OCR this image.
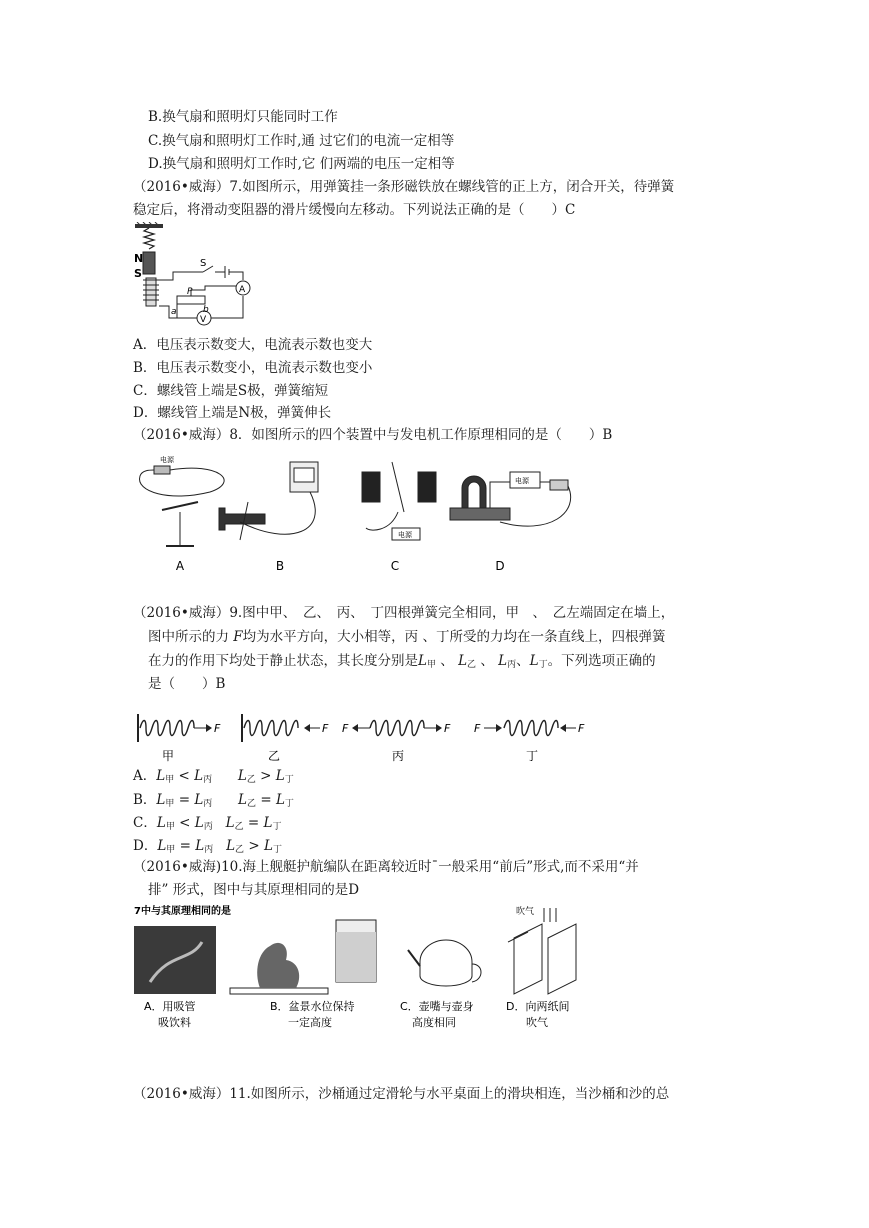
B.换气扇和照明灯只能同时工作
C.换气扇和照明灯工作时,通 过它们的电流一定相等
D.换气扇和照明灯工作时,它 们两端的电压一定相等
（2016•威海）7.如图所示，用弹簧挂一条形磁铁放在螺线管的正上方，闭合开关，待弹簧
稳定后，将滑动变阻器的滑片缓慢向左移动。下列说法正确的是（　　）C
N
S
A
V
S
P
a	b
A．电压表示数变大，电流表示数也变大
B．电压表示数变小，电流表示数也变小
C．螺线管上端是S极，弹簧缩短
D．螺线管上端是N极，弹簧伸长
（2016•威海）8．如图所示的四个装置中与发电机工作原理相同的是（　　）B
电源
A	B
电源
C
电源
D
（2016•威海）9.图中甲、　乙、　丙、　丁四根弹簧完全相同，甲　、　乙左端固定在墙上，
图中所示的力 F均为水平方向，大小相等，丙 、丁所受的力均在一条直线上，四根弹簧
在力的作用下均处于静止状态，其长度分别是$L_甲$ 、 $L_乙$ 、 $L_丙$、$L_丁$。下列选项正确的
是（　　）B
F
甲
F
乙
F	F
丙
F	F
丁
A．$L_甲 < L_丙$ $L_乙 > L_丁$
B．$L_甲 = L_丙$ $L_乙 = L_丁$
C．$L_甲 < L_丙$ $L_乙 = L_丁$
D．$L_甲 = L_丙$ $L_乙 > L_丁$
（2016•威海)10.海上舰艇护航编队在距离较近时¯一般采用“前后”形式,而不采用“并
排” 形式，图中与其原理相同的是D
7中与其原理相同的是
A．用吸管
吸饮料
B．盆景水位保持
一定高度
C．壶嘴与壶身
高度相同
吹气
D．向两纸间
吹气
（2016•威海）11.如图所示，沙桶通过定滑轮与水平桌面上的滑块相连，当沙桶和沙的总
